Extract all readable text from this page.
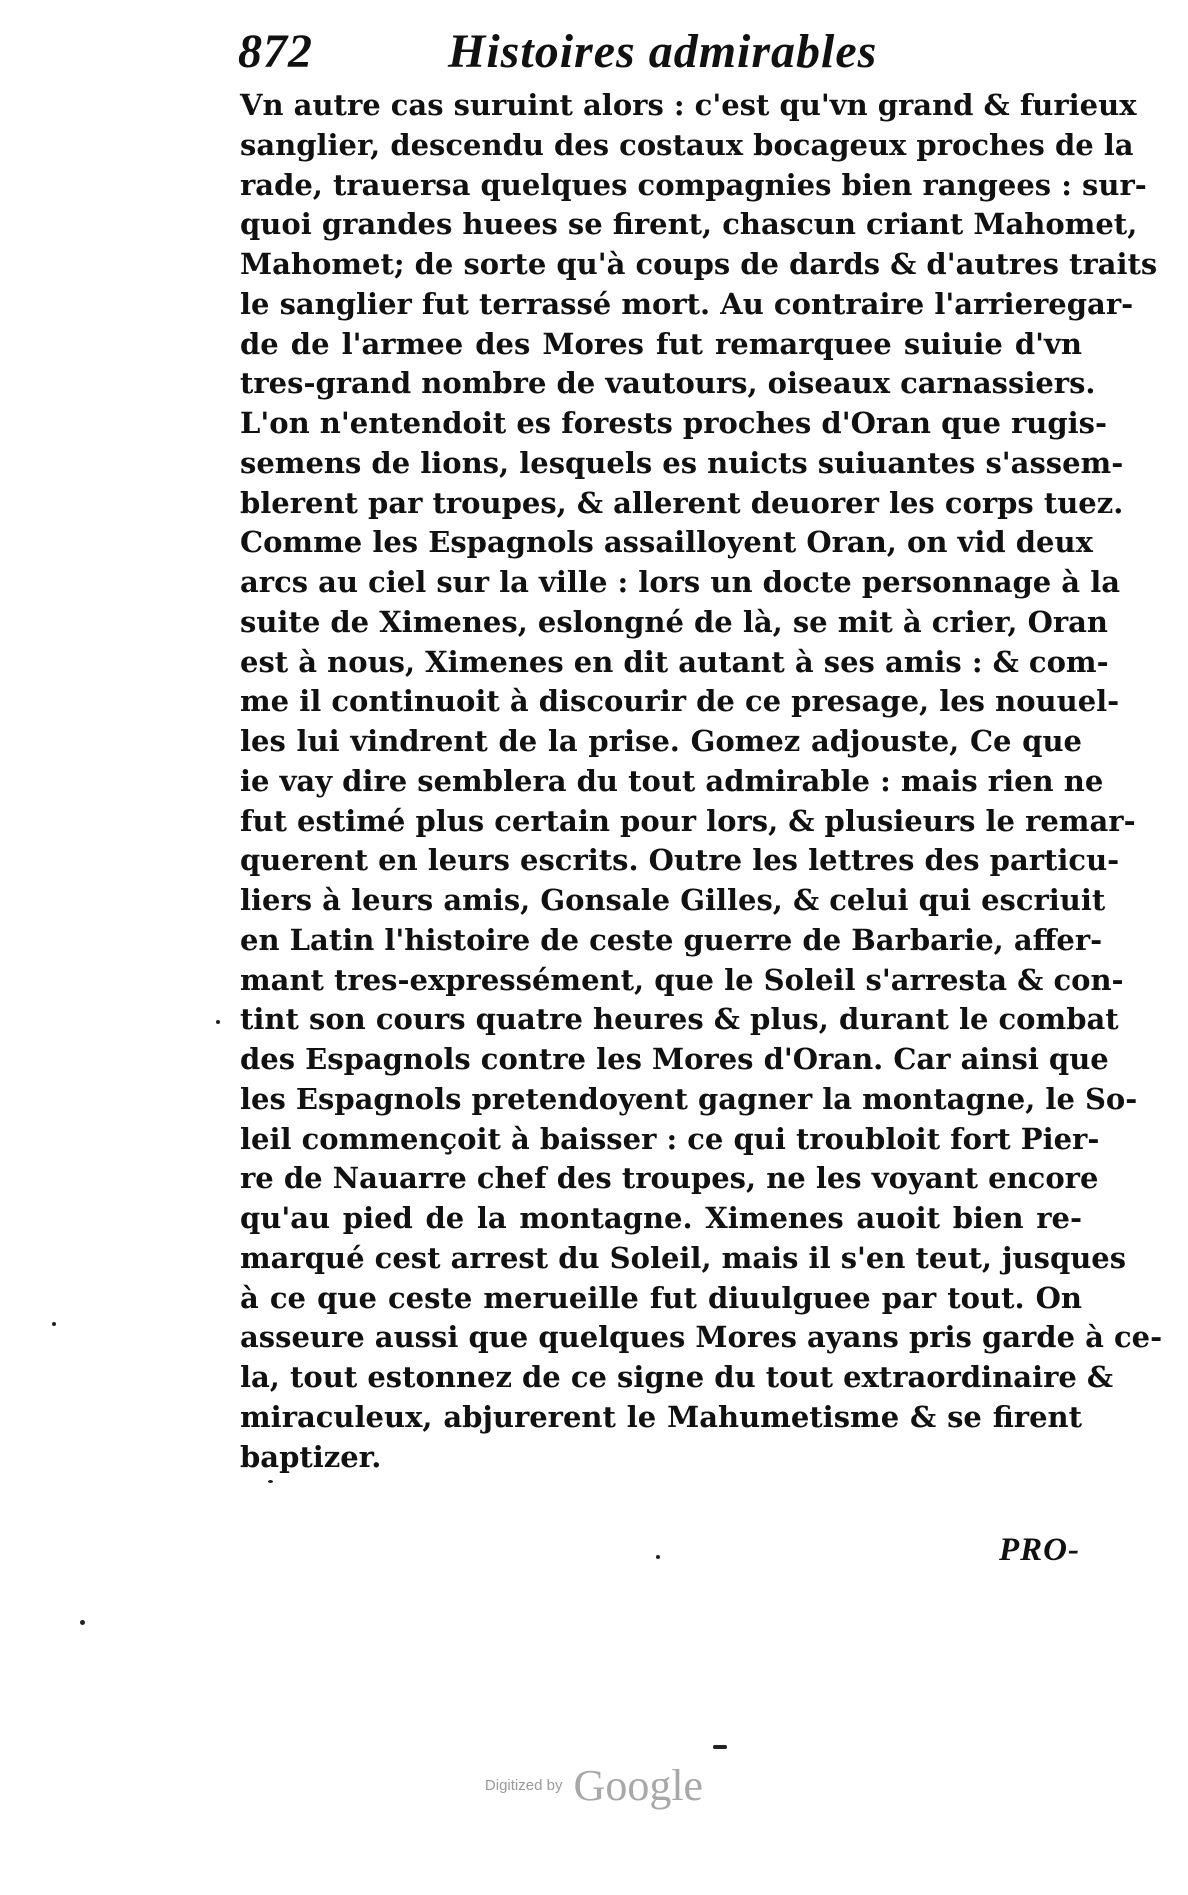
872	Histoires admirables
Vn autre cas suruint alors : c'est qu'vn grand & furieux
sanglier, descendu des costaux bocageux proches de la
rade, trauersa quelques compagnies bien rangees : sur-
quoi grandes huees se firent, chascun criant Mahomet,
Mahomet; de sorte qu'à coups de dards & d'autres traits
le sanglier fut terrassé mort. Au contraire l'arrieregar-
de de l'armee des Mores fut remarquee suiuie d'vn
tres-grand nombre de vautours, oiseaux carnassiers.
L'on n'entendoit es forests proches d'Oran que rugis-
semens de lions, lesquels es nuicts suiuantes s'assem-
blerent par troupes, & allerent deuorer les corps tuez.
Comme les Espagnols assailloyent Oran, on vid deux
arcs au ciel sur la ville : lors un docte personnage à la
suite de Ximenes, eslongné de là, se mit à crier, Oran
est à nous, Ximenes en dit autant à ses amis : & com-
me il continuoit à discourir de ce presage, les nouuel-
les lui vindrent de la prise. Gomez adjouste, Ce que
ie vay dire semblera du tout admirable : mais rien ne
fut estimé plus certain pour lors, & plusieurs le remar-
querent en leurs escrits. Outre les lettres des particu-
liers à leurs amis, Gonsale Gilles, & celui qui escriuit
en Latin l'histoire de ceste guerre de Barbarie, affer-
mant tres-expressément, que le Soleil s'arresta & con-
tint son cours quatre heures & plus, durant le combat
des Espagnols contre les Mores d'Oran. Car ainsi que
les Espagnols pretendoyent gagner la montagne, le So-
leil commençoit à baisser : ce qui troubloit fort Pier-
re de Nauarre chef des troupes, ne les voyant encore
qu'au pied de la montagne. Ximenes auoit bien re-
marqué cest arrest du Soleil, mais il s'en teut, jusques
à ce que ceste merueille fut diuulguee par tout. On
asseure aussi que quelques Mores ayans pris garde à ce-
la, tout estonnez de ce signe du tout extraordinaire &
miraculeux, abjurerent le Mahumetisme & se firent
baptizer.
PRO-
Digitized by Google
